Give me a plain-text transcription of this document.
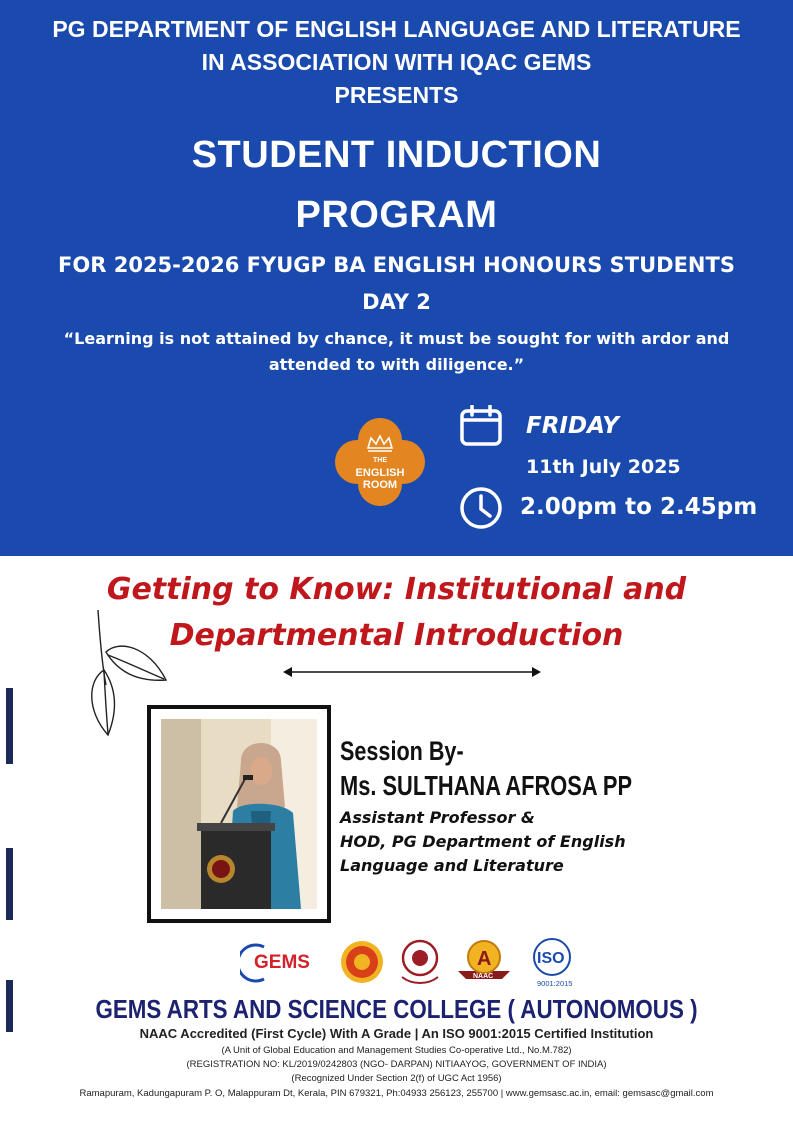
PG DEPARTMENT OF ENGLISH LANGUAGE AND LITERATURE
IN ASSOCIATION WITH IQAC GEMS
PRESENTS
STUDENT INDUCTION
PROGRAM
FOR 2025-2026 FYUGP BA ENGLISH HONOURS STUDENTS
DAY 2
“Learning is not attained by chance, it must be sought for with ardor and
attended to with diligence.”
THE
ENGLISH
ROOM
FRIDAY
11th July 2025
2.00pm to 2.45pm
Getting to Know: Institutional and
Departmental Introduction
Session By-
Ms. SULTHANA AFROSA PP
Assistant Professor &
HOD, PG Department of English
Language and Literature
GEMS	A
NAAC
ISO
9001:2015
GEMS ARTS AND SCIENCE COLLEGE ( AUTONOMOUS )
NAAC Accredited (First Cycle) With A Grade | An ISO 9001:2015 Certified Institution
(A Unit of Global Education and Management Studies Co-operative Ltd., No.M.782)
(REGISTRATION NO: KL/2019/0242803 (NGO- DARPAN) NITIAAYOG, GOVERNMENT OF INDIA)
(Recognized Under Section 2(f) of UGC Act 1956)
Ramapuram, Kadungapuram P. O, Malappuram Dt, Kerala, PIN 679321, Ph:04933 256123, 255700 | www.gemsasc.ac.in, email: gemsasc@gmail.com
